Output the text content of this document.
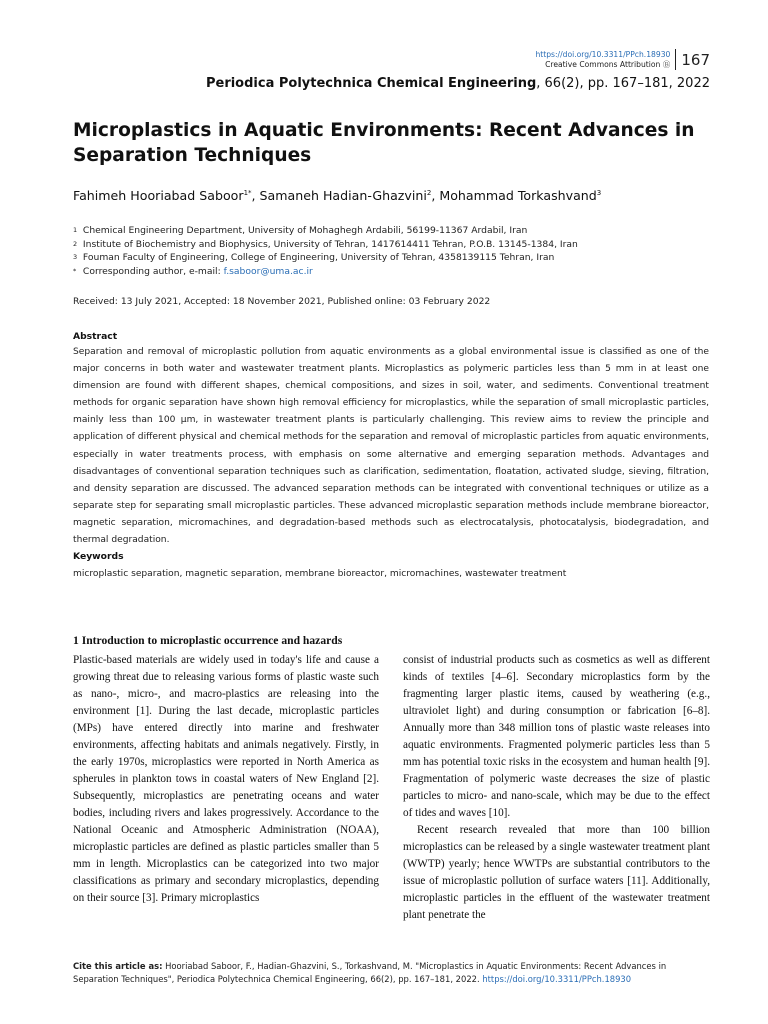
https://doi.org/10.3311/PPch.18930
Creative Commons Attribution Ⓑ 167
Periodica Polytechnica Chemical Engineering, 66(2), pp. 167–181, 2022
Microplastics in Aquatic Environments: Recent Advances in Separation Techniques
Fahimeh Hooriabad Saboor$^{1*}$, Samaneh Hadian-Ghazvini$^2$, Mohammad Torkashvand$^3$
1 Chemical Engineering Department, University of Mohaghegh Ardabili, 56199-11367 Ardabil, Iran
2 Institute of Biochemistry and Biophysics, University of Tehran, 1417614411 Tehran, P.O.B. 13145-1384, Iran
3 Fouman Faculty of Engineering, College of Engineering, University of Tehran, 4358139115 Tehran, Iran
* Corresponding author, e-mail: f.saboor@uma.ac.ir
Received: 13 July 2021, Accepted: 18 November 2021, Published online: 03 February 2022
Abstract

Separation and removal of microplastic pollution from aquatic environments as a global environmental issue is classified as one of the major concerns in both water and wastewater treatment plants. Microplastics as polymeric particles less than 5 mm in at least one dimension are found with different shapes, chemical compositions, and sizes in soil, water, and sediments. Conventional treatment methods for organic separation have shown high removal efficiency for microplastics, while the separation of small microplastic particles, mainly less than 100 µm, in wastewater treatment plants is particularly challenging. This review aims to review the principle and application of different physical and chemical methods for the separation and removal of microplastic particles from aquatic environments, especially in water treatments process, with emphasis on some alternative and emerging separation methods. Advantages and disadvantages of conventional separation techniques such as clarification, sedimentation, floatation, activated sludge, sieving, filtration, and density separation are discussed. The advanced separation methods can be integrated with conventional techniques or utilize as a separate step for separating small microplastic particles. These advanced microplastic separation methods include membrane bioreactor, magnetic separation, micromachines, and degradation-based methods such as electrocatalysis, photocatalysis, biodegradation, and thermal degradation.

Keywords
microplastic separation, magnetic separation, membrane bioreactor, micromachines, wastewater treatment
1 Introduction to microplastic occurrence and hazards

Plastic-based materials are widely used in today's life and cause a growing threat due to releasing various forms of plastic waste such as nano-, micro-, and macro-plastics are releasing into the environment [1]. During the last decade, microplastic particles (MPs) have entered directly into marine and freshwater environments, affecting habitats and animals negatively. Firstly, in the early 1970s, microplastics were reported in North America as spherules in plankton tows in coastal waters of New England [2]. Subsequently, microplastics are penetrating oceans and water bodies, including rivers and lakes progressively. Accordance to the National Oceanic and Atmospheric Administration (NOAA), microplastic particles are defined as plastic particles smaller than 5 mm in length. Microplastics can be categorized into two major classifications as primary and secondary microplastics, depending on their source [3]. Primary microplastics

consist of industrial products such as cosmetics as well as different kinds of textiles [4–6]. Secondary microplastics form by the fragmenting larger plastic items, caused by weathering (e.g., ultraviolet light) and during consumption or fabrication [6–8]. Annually more than 348 million tons of plastic waste releases into aquatic environments. Fragmented polymeric particles less than 5 mm has potential toxic risks in the ecosystem and human health [9]. Fragmentation of polymeric waste decreases the size of plastic particles to micro- and nano-scale, which may be due to the effect of tides and waves [10].

Recent research revealed that more than 100 billion microplastics can be released by a single wastewater treatment plant (WWTP) yearly; hence WWTPs are substantial contributors to the issue of microplastic pollution of surface waters [11]. Additionally, microplastic particles in the effluent of the wastewater treatment plant penetrate the

Cite this article as: Hooriabad Saboor, F., Hadian-Ghazvini, S., Torkashvand, M. "Microplastics in Aquatic Environments: Recent Advances in Separation Techniques", Periodica Polytechnica Chemical Engineering, 66(2), pp. 167–181, 2022. https://doi.org/10.3311/PPch.18930
